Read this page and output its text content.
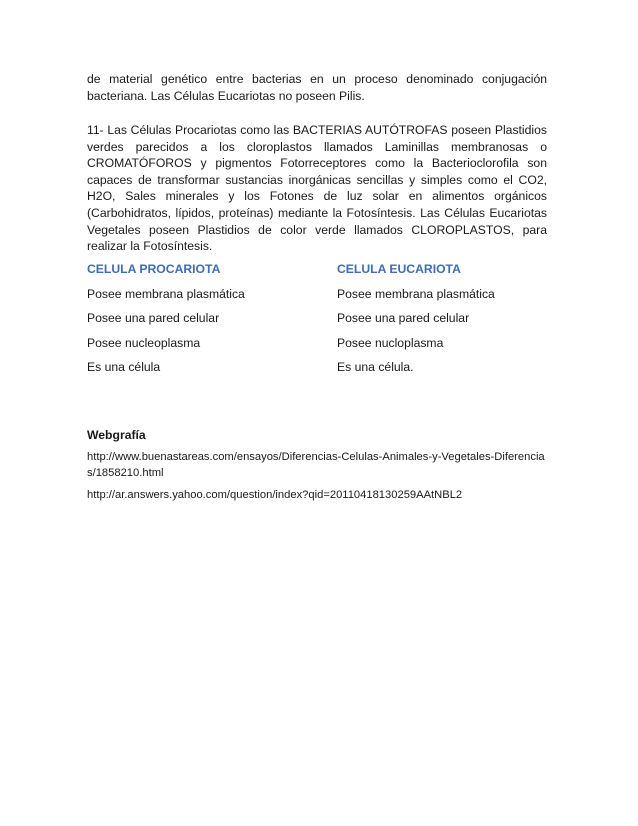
de material genético entre bacterias en un proceso denominado conjugación bacteriana. Las Células Eucariotas no poseen Pilis.

11- Las Células Procariotas como las BACTERIAS AUTÓTROFAS poseen Plastidios verdes parecidos a los cloroplastos llamados Laminillas membranosas o CROMATÓFOROS y pigmentos Fotorreceptores como la Bacterioclorofila son capaces de transformar sustancias inorgánicas sencillas y simples como el CO2, H2O, Sales minerales y los Fotones de luz solar en alimentos orgánicos (Carbohidratos, lípidos, proteínas) mediante la Fotosíntesis. Las Células Eucariotas Vegetales poseen Plastidios de color verde llamados CLOROPLASTOS, para realizar la Fotosíntesis.

CELULA PROCARIOTA	CELULA EUCARIOTA
Posee membrana plasmática	Posee membrana plasmática
Posee una pared celular	Posee una pared celular
Posee nucleoplasma	Posee nucloplasma
Es una célula	Es una célula.
Webgrafía
http://www.buenastareas.com/ensayos/Diferencias-Celulas-Animales-y-Vegetales-Diferencias/1858210.html
http://ar.answers.yahoo.com/question/index?qid=20110418130259AAtNBL2
